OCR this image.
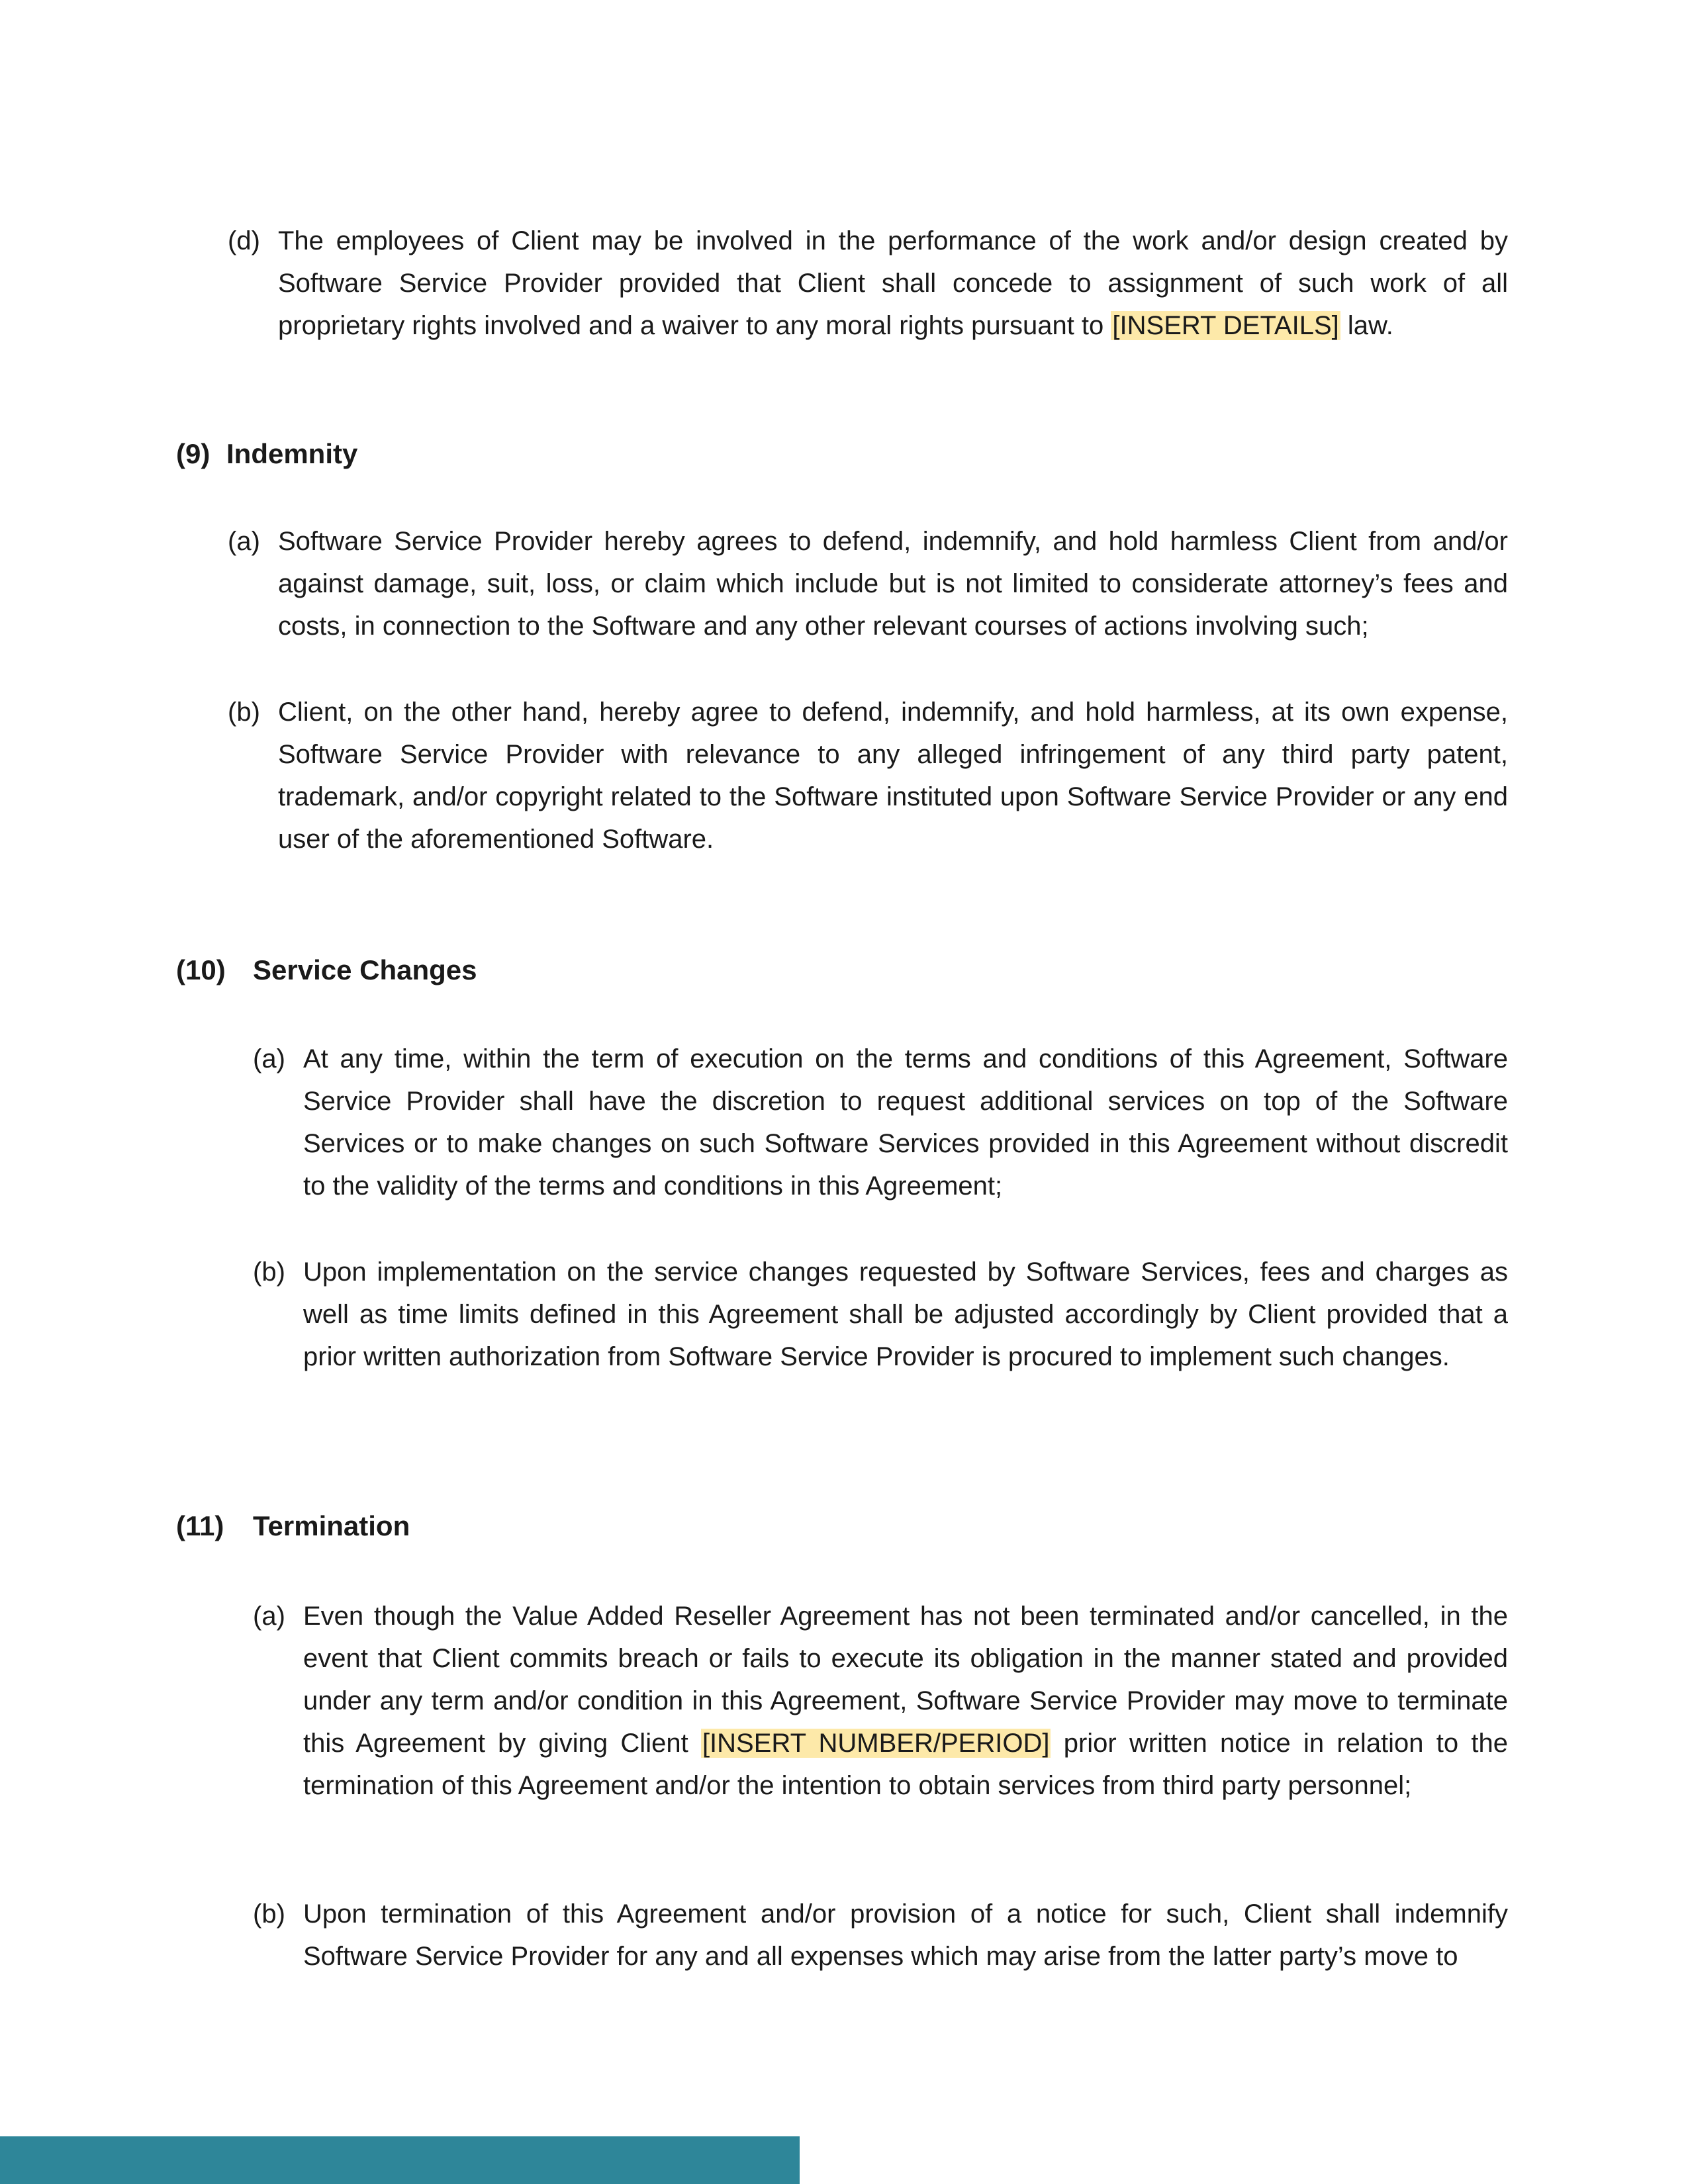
(d) The employees of Client may be involved in the performance of the work and/or design created by Software Service Provider provided that Client shall concede to assignment of such work of all proprietary rights involved and a waiver to any moral rights pursuant to [INSERT DETAILS] law.
(9) Indemnity
(a) Software Service Provider hereby agrees to defend, indemnify, and hold harmless Client from and/or against damage, suit, loss, or claim which include but is not limited to considerate attorney’s fees and costs, in connection to the Software and any other relevant courses of actions involving such;
(b) Client, on the other hand, hereby agree to defend, indemnify, and hold harmless, at its own expense, Software Service Provider with relevance to any alleged infringement of any third party patent, trademark, and/or copyright related to the Software instituted upon Software Service Provider or any end user of the aforementioned Software.
(10) Service Changes
(a) At any time, within the term of execution on the terms and conditions of this Agreement, Software Service Provider shall have the discretion to request additional services on top of the Software Services or to make changes on such Software Services provided in this Agreement without discredit to the validity of the terms and conditions in this Agreement;
(b) Upon implementation on the service changes requested by Software Services, fees and charges as well as time limits defined in this Agreement shall be adjusted accordingly by Client provided that a prior written authorization from Software Service Provider is procured to implement such changes.
(11) Termination
(a) Even though the Value Added Reseller Agreement has not been terminated and/or cancelled, in the event that Client commits breach or fails to execute its obligation in the manner stated and provided under any term and/or condition in this Agreement, Software Service Provider may move to terminate this Agreement by giving Client [INSERT NUMBER/PERIOD] prior written notice in relation to the termination of this Agreement and/or the intention to obtain services from third party personnel;
(b) Upon termination of this Agreement and/or provision of a notice for such, Client shall indemnify Software Service Provider for any and all expenses which may arise from the latter party’s move to
